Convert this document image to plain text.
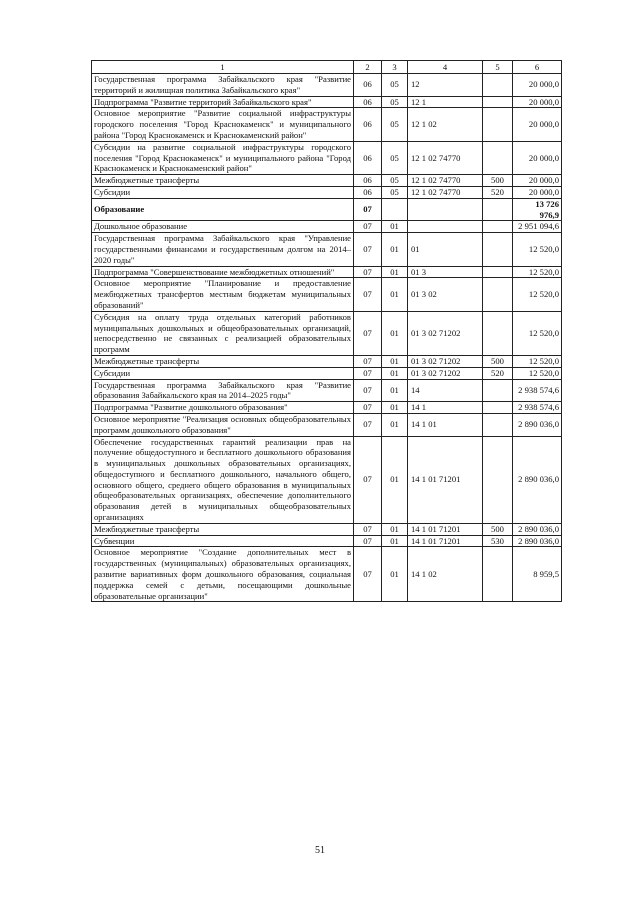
1	2	3	4	5	6
Государственная программа Забайкальского края "Развитие территорий и жилищная политика Забайкальского края"	06	05	12		20 000,0
Подпрограмма "Развитие территорий Забайкальского края"	06	05	12 1		20 000,0
Основное мероприятие "Развитие социальной инфраструктуры городского поселения "Город Краснокаменск" и муниципального района "Город Краснокаменск и Краснокаменский район"	06	05	12 1 02		20 000,0
Субсидии на развитие социальной инфраструктуры городского поселения "Город Краснокаменск" и муниципального района "Город Краснокаменск и Краснокаменский район"	06	05	12 1 02 74770		20 000,0
Межбюджетные трансферты	06	05	12 1 02 74770	500	20 000,0
Субсидии	06	05	12 1 02 74770	520	20 000,0
Образование	07				13 726 976,9
Дошкольное образование	07	01			2 951 094,6
Государственная программа Забайкальского края "Управление государственными финансами и государственным долгом на 2014–2020 годы"	07	01	01		12 520,0
Подпрограмма "Совершенствование межбюджетных отношений"	07	01	01 3		12 520,0
Основное мероприятие "Планирование и предоставление межбюджетных трансфертов местным бюджетам муниципальных образований"	07	01	01 3 02		12 520,0
Субсидия на оплату труда отдельных категорий работников муниципальных дошкольных и общеобразовательных организаций, непосредственно не связанных с реализацией образовательных программ	07	01	01 3 02 71202		12 520,0
Межбюджетные трансферты	07	01	01 3 02 71202	500	12 520,0
Субсидии	07	01	01 3 02 71202	520	12 520,0
Государственная программа Забайкальского края "Развитие образования Забайкальского края на 2014–2025 годы"	07	01	14		2 938 574,6
Подпрограмма "Развитие дошкольного образования"	07	01	14 1		2 938 574,6
Основное мероприятие "Реализация основных общеобразовательных программ дошкольного образования"	07	01	14 1 01		2 890 036,0
Обеспечение государственных гарантий реализации прав на получение общедоступного и бесплатного дошкольного образования в муниципальных дошкольных образовательных организациях, общедоступного и бесплатного дошкольного, начального общего, основного общего, среднего общего образования в муниципальных общеобразовательных организациях, обеспечение дополнительного образования детей в муниципальных общеобразовательных организациях	07	01	14 1 01 71201		2 890 036,0
Межбюджетные трансферты	07	01	14 1 01 71201	500	2 890 036,0
Субвенции	07	01	14 1 01 71201	530	2 890 036,0
Основное мероприятие "Создание дополнительных мест в государственных (муниципальных) образовательных организациях, развитие вариативных форм дошкольного образования, социальная поддержка семей с детьми, посещающими дошкольные образовательные организации"	07	01	14 1 02		8 959,5
51
